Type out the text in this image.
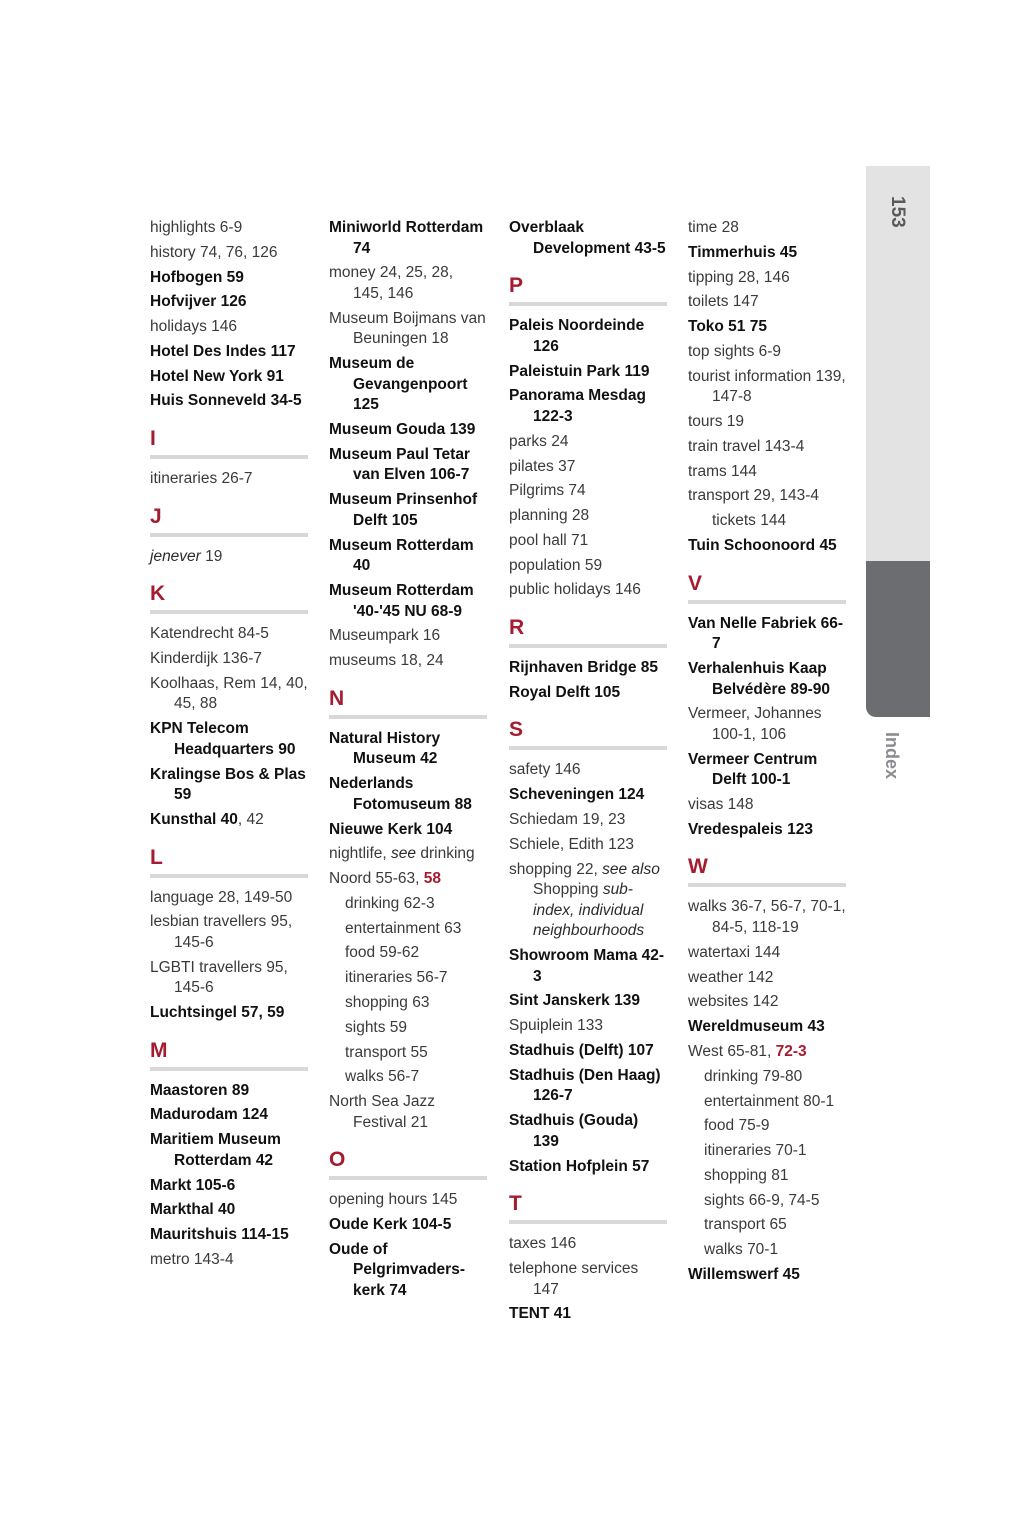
highlights 6-9
history 74, 76, 126
Hofbogen 59
Hofvijver 126
holidays 146
Hotel Des Indes 117
Hotel New York 91
Huis Sonneveld 34-5
I
itineraries 26-7
J
jenever 19
K
Katendrecht 84-5
Kinderdijk 136-7
Koolhaas, Rem 14, 40, 45, 88
KPN Telecom Headquarters 90
Kralingse Bos & Plas 59
Kunsthal 40, 42
L
language 28, 149-50
lesbian travellers 95, 145-6
LGBTI travellers 95, 145-6
Luchtsingel 57, 59
M
Maastoren 89
Madurodam 124
Maritiem Museum Rotterdam 42
Markt 105-6
Markthal 40
Mauritshuis 114-15
metro 143-4
Miniworld Rotterdam 74
money 24, 25, 28, 145, 146
Museum Boijmans van Beuningen 18
Museum de Gevangenpoort 125
Museum Gouda 139
Museum Paul Tetar van Elven 106-7
Museum Prinsenhof Delft 105
Museum Rotterdam 40
Museum Rotterdam '40-'45 NU 68-9
Museumpark 16
museums 18, 24
N
Natural History Museum 42
Nederlands Fotomuseum 88
Nieuwe Kerk 104
nightlife, see drinking
Noord 55-63, 58
drinking 62-3
entertainment 63
food 59-62
itineraries 56-7
shopping 63
sights 59
transport 55
walks 56-7
North Sea Jazz Festival 21
O
opening hours 145
Oude Kerk 104-5
Oude of Pelgrimvaders-kerk 74
Overblaak Development 43-5
P
Paleis Noordeinde 126
Paleistuin Park 119
Panorama Mesdag 122-3
parks 24
pilates 37
Pilgrims 74
planning 28
pool hall 71
population 59
public holidays 146
R
Rijnhaven Bridge 85
Royal Delft 105
S
safety 146
Scheveningen 124
Schiedam 19, 23
Schiele, Edith 123
shopping 22, see also Shopping sub-index, individual neighbourhoods
Showroom Mama 42-3
Sint Janskerk 139
Spuiplein 133
Stadhuis (Delft) 107
Stadhuis (Den Haag) 126-7
Stadhuis (Gouda) 139
Station Hofplein 57
T
taxes 146
telephone services 147
TENT 41
time 28
Timmerhuis 45
tipping 28, 146
toilets 147
Toko 51 75
top sights 6-9
tourist information 139, 147-8
tours 19
train travel 143-4
trams 144
transport 29, 143-4
tickets 144
Tuin Schoonoord 45
V
Van Nelle Fabriek 66-7
Verhalenhuis Kaap Belvédère 89-90
Vermeer, Johannes 100-1, 106
Vermeer Centrum Delft 100-1
visas 148
Vredespaleis 123
W
walks 36-7, 56-7, 70-1, 84-5, 118-19
watertaxi 144
weather 142
websites 142
Wereldmuseum 43
West 65-81, 72-3
drinking 79-80
entertainment 80-1
food 75-9
itineraries 70-1
shopping 81
sights 66-9, 74-5
transport 65
walks 70-1
Willemswerf 45
153
Index
